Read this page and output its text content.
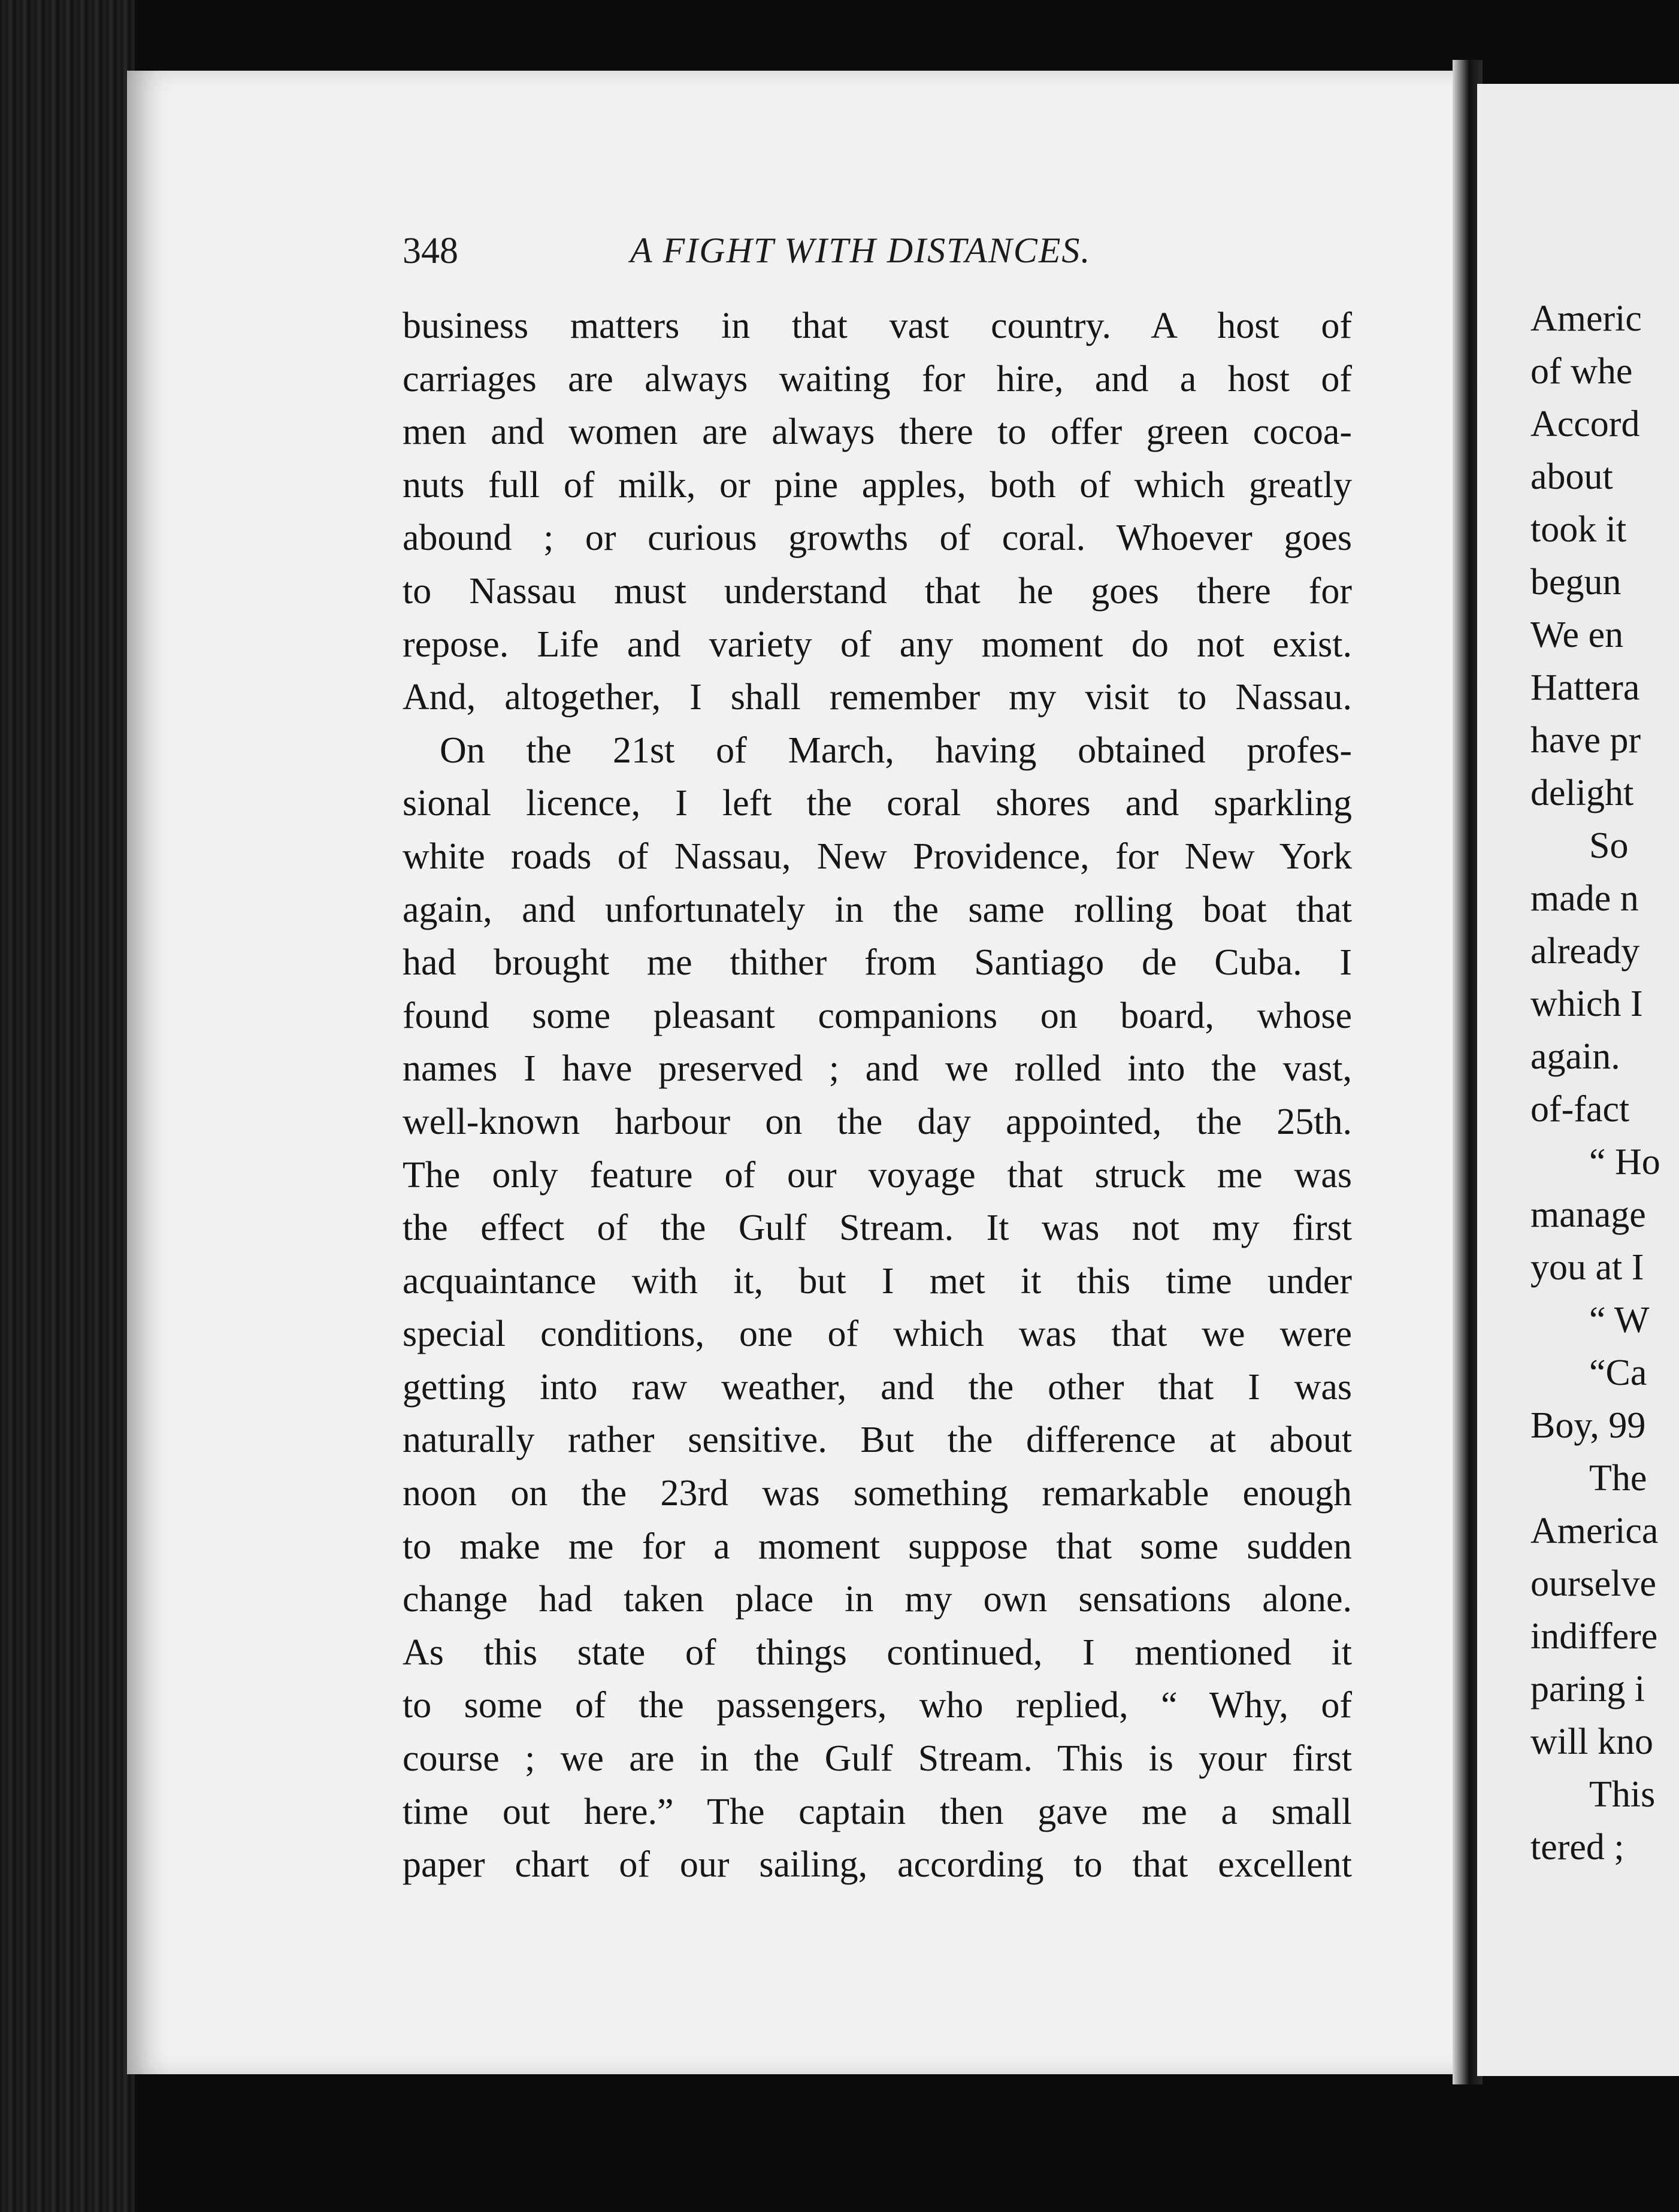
348	A FIGHT WITH DISTANCES.
business matters in that vast country. A host of
carriages are always waiting for hire, and a host of
men and women are always there to offer green cocoa-
nuts full of milk, or pine apples, both of which greatly
abound ; or curious growths of coral. Whoever goes
to Nassau must understand that he goes there for
repose. Life and variety of any moment do not exist.
And, altogether, I shall remember my visit to Nassau.
On the 21st of March, having obtained profes-
sional licence, I left the coral shores and sparkling
white roads of Nassau, New Providence, for New York
again, and unfortunately in the same rolling boat that
had brought me thither from Santiago de Cuba. I
found some pleasant companions on board, whose
names I have preserved ; and we rolled into the vast,
well-known harbour on the day appointed, the 25th.
The only feature of our voyage that struck me was
the effect of the Gulf Stream. It was not my first
acquaintance with it, but I met it this time under
special conditions, one of which was that we were
getting into raw weather, and the other that I was
naturally rather sensitive. But the difference at about
noon on the 23rd was something remarkable enough
to make me for a moment suppose that some sudden
change had taken place in my own sensations alone.
As this state of things continued, I mentioned it
to some of the passengers, who replied, “ Why, of
course ; we are in the Gulf Stream. This is your first
time out here.” The captain then gave me a small
paper chart of our sailing, according to that excellent
Americ
of whe
Accord
about
took it
begun
We en
Hattera
have pr
delight
So
made n
already
which I
again.
of-fact
“ Ho
manage
you at I
“ W
“Ca
Boy, 99
The
America
ourselve
indiffere
paring i
will kno
This
tered ;
